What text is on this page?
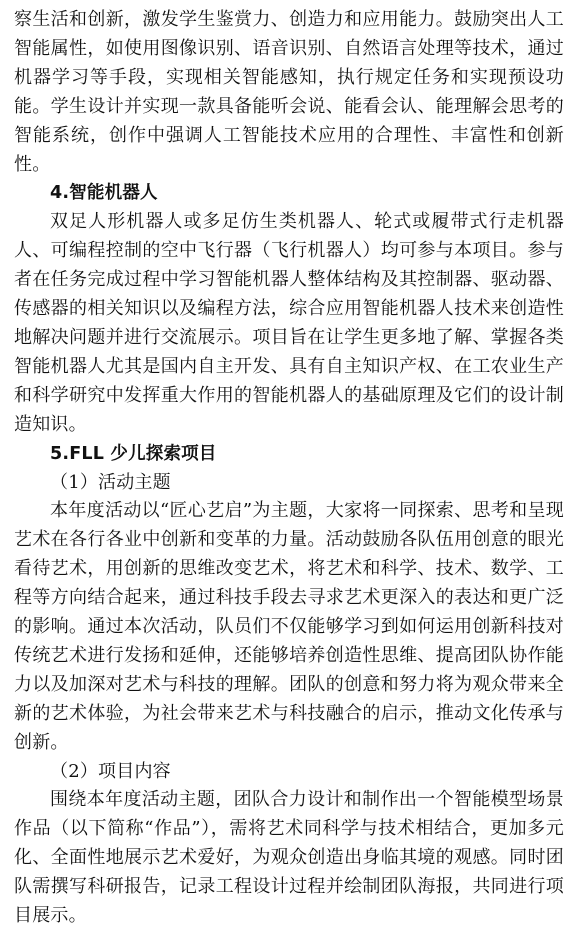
察生活和创新，激发学生鉴赏力、创造力和应用能力。鼓励突出人工智能属性，如使用图像识别、语音识别、自然语言处理等技术，通过机器学习等手段，实现相关智能感知，执行规定任务和实现预设功能。学生设计并实现一款具备能听会说、能看会认、能理解会思考的智能系统，创作中强调人工智能技术应用的合理性、丰富性和创新性。

4.智能机器人

双足人形机器人或多足仿生类机器人、轮式或履带式行走机器人、可编程控制的空中飞行器（飞行机器人）均可参与本项目。参与者在任务完成过程中学习智能机器人整体结构及其控制器、驱动器、传感器的相关知识以及编程方法，综合应用智能机器人技术来创造性地解决问题并进行交流展示。项目旨在让学生更多地了解、掌握各类智能机器人尤其是国内自主开发、具有自主知识产权、在工农业生产和科学研究中发挥重大作用的智能机器人的基础原理及它们的设计制造知识。

5.FLL 少儿探索项目

（1）活动主题

本年度活动以“匠心艺启”为主题，大家将一同探索、思考和呈现艺术在各行各业中创新和变革的力量。活动鼓励各队伍用创意的眼光看待艺术，用创新的思维改变艺术，将艺术和科学、技术、数学、工程等方向结合起来，通过科技手段去寻求艺术更深入的表达和更广泛的影响。通过本次活动，队员们不仅能够学习到如何运用创新科技对传统艺术进行发扬和延伸，还能够培养创造性思维、提高团队协作能力以及加深对艺术与科技的理解。团队的创意和努力将为观众带来全新的艺术体验，为社会带来艺术与科技融合的启示，推动文化传承与创新。

（2）项目内容

围绕本年度活动主题，团队合力设计和制作出一个智能模型场景作品（以下简称“作品”），需将艺术同科学与技术相结合，更加多元化、全面性地展示艺术爱好，为观众创造出身临其境的观感。同时团队需撰写科研报告，记录工程设计过程并绘制团队海报，共同进行项目展示。
